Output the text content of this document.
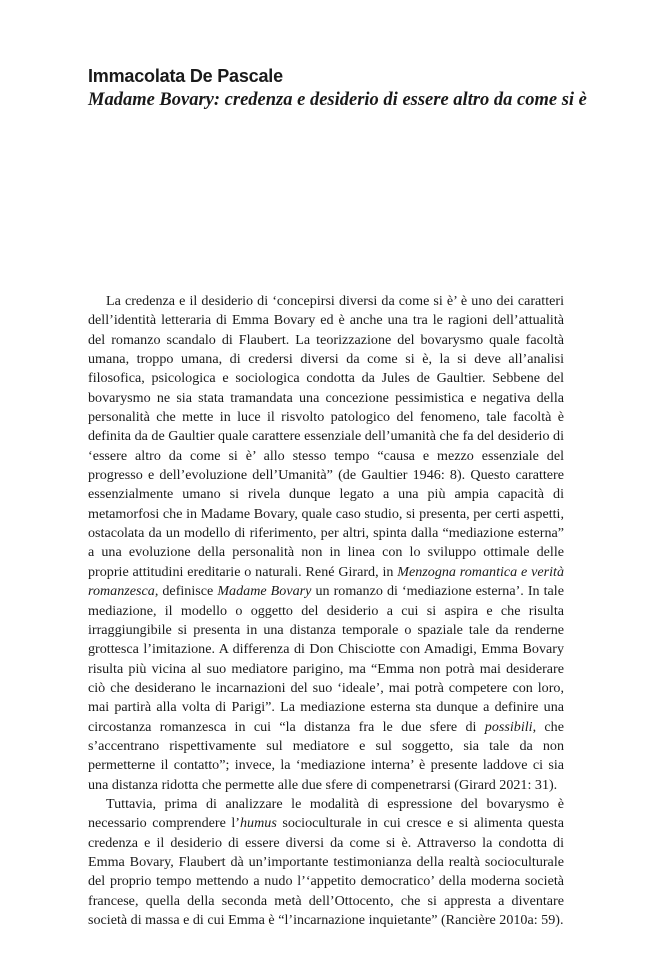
Immacolata De Pascale
Madame Bovary: credenza e desiderio di essere altro da come si è

La credenza e il desiderio di ‘concepirsi diversi da come si è’ è uno dei caratteri dell’identità letteraria di Emma Bovary ed è anche una tra le ragioni dell’attualità del romanzo scandalo di Flaubert. La teorizzazione del bovarysmo quale facoltà umana, troppo umana, di credersi diversi da come si è, la si deve all’analisi filosofica, psicologica e sociologica condotta da Jules de Gaultier. Sebbene del bovarysmo ne sia stata tramandata una concezione pessimistica e negativa della personalità che mette in luce il risvolto patologico del fenomeno, tale facoltà è definita da de Gaultier quale carattere essenziale dell’umanità che fa del desiderio di ‘essere altro da come si è’ allo stesso tempo “causa e mezzo essenziale del progresso e dell’evoluzione dell’Umanità” (de Gaultier 1946: 8). Questo carattere essenzialmente umano si rivela dunque legato a una più ampia capacità di metamorfosi che in Madame Bovary, quale caso studio, si presenta, per certi aspetti, ostacolata da un modello di riferimento, per altri, spinta dalla “mediazione esterna” a una evoluzione della personalità non in linea con lo sviluppo ottimale delle proprie attitudini ereditarie o naturali. René Girard, in Menzogna romantica e verità romanzesca, definisce Madame Bovary un romanzo di ‘mediazione esterna’. In tale mediazione, il modello o oggetto del desiderio a cui si aspira e che risulta irraggiungibile si presenta in una distanza temporale o spaziale tale da renderne grottesca l’imitazione. A differenza di Don Chisciotte con Amadigi, Emma Bovary risulta più vicina al suo mediatore parigino, ma “Emma non potrà mai desiderare ciò che desiderano le incarnazioni del suo ‘ideale’, mai potrà competere con loro, mai partirà alla volta di Parigi”. La mediazione esterna sta dunque a definire una circostanza romanzesca in cui “la distanza fra le due sfere di possibili, che s’accentrano rispettivamente sul mediatore e sul soggetto, sia tale da non permetterne il contatto”; invece, la ‘mediazione interna’ è presente laddove ci sia una distanza ridotta che permette alle due sfere di compenetrarsi (Girard 2021: 31).

Tuttavia, prima di analizzare le modalità di espressione del bovarysmo è necessario comprendere l’humus socioculturale in cui cresce e si alimenta questa credenza e il desiderio di essere diversi da come si è. Attraverso la condotta di Emma Bovary, Flaubert dà un’importante testimonianza della realtà socioculturale del proprio tempo mettendo a nudo l’‘appetito democratico’ della moderna società francese, quella della seconda metà dell’Ottocento, che si appresta a diventare società di massa e di cui Emma è “l’incarnazione inquietante” (Rancière 2010a: 59).
